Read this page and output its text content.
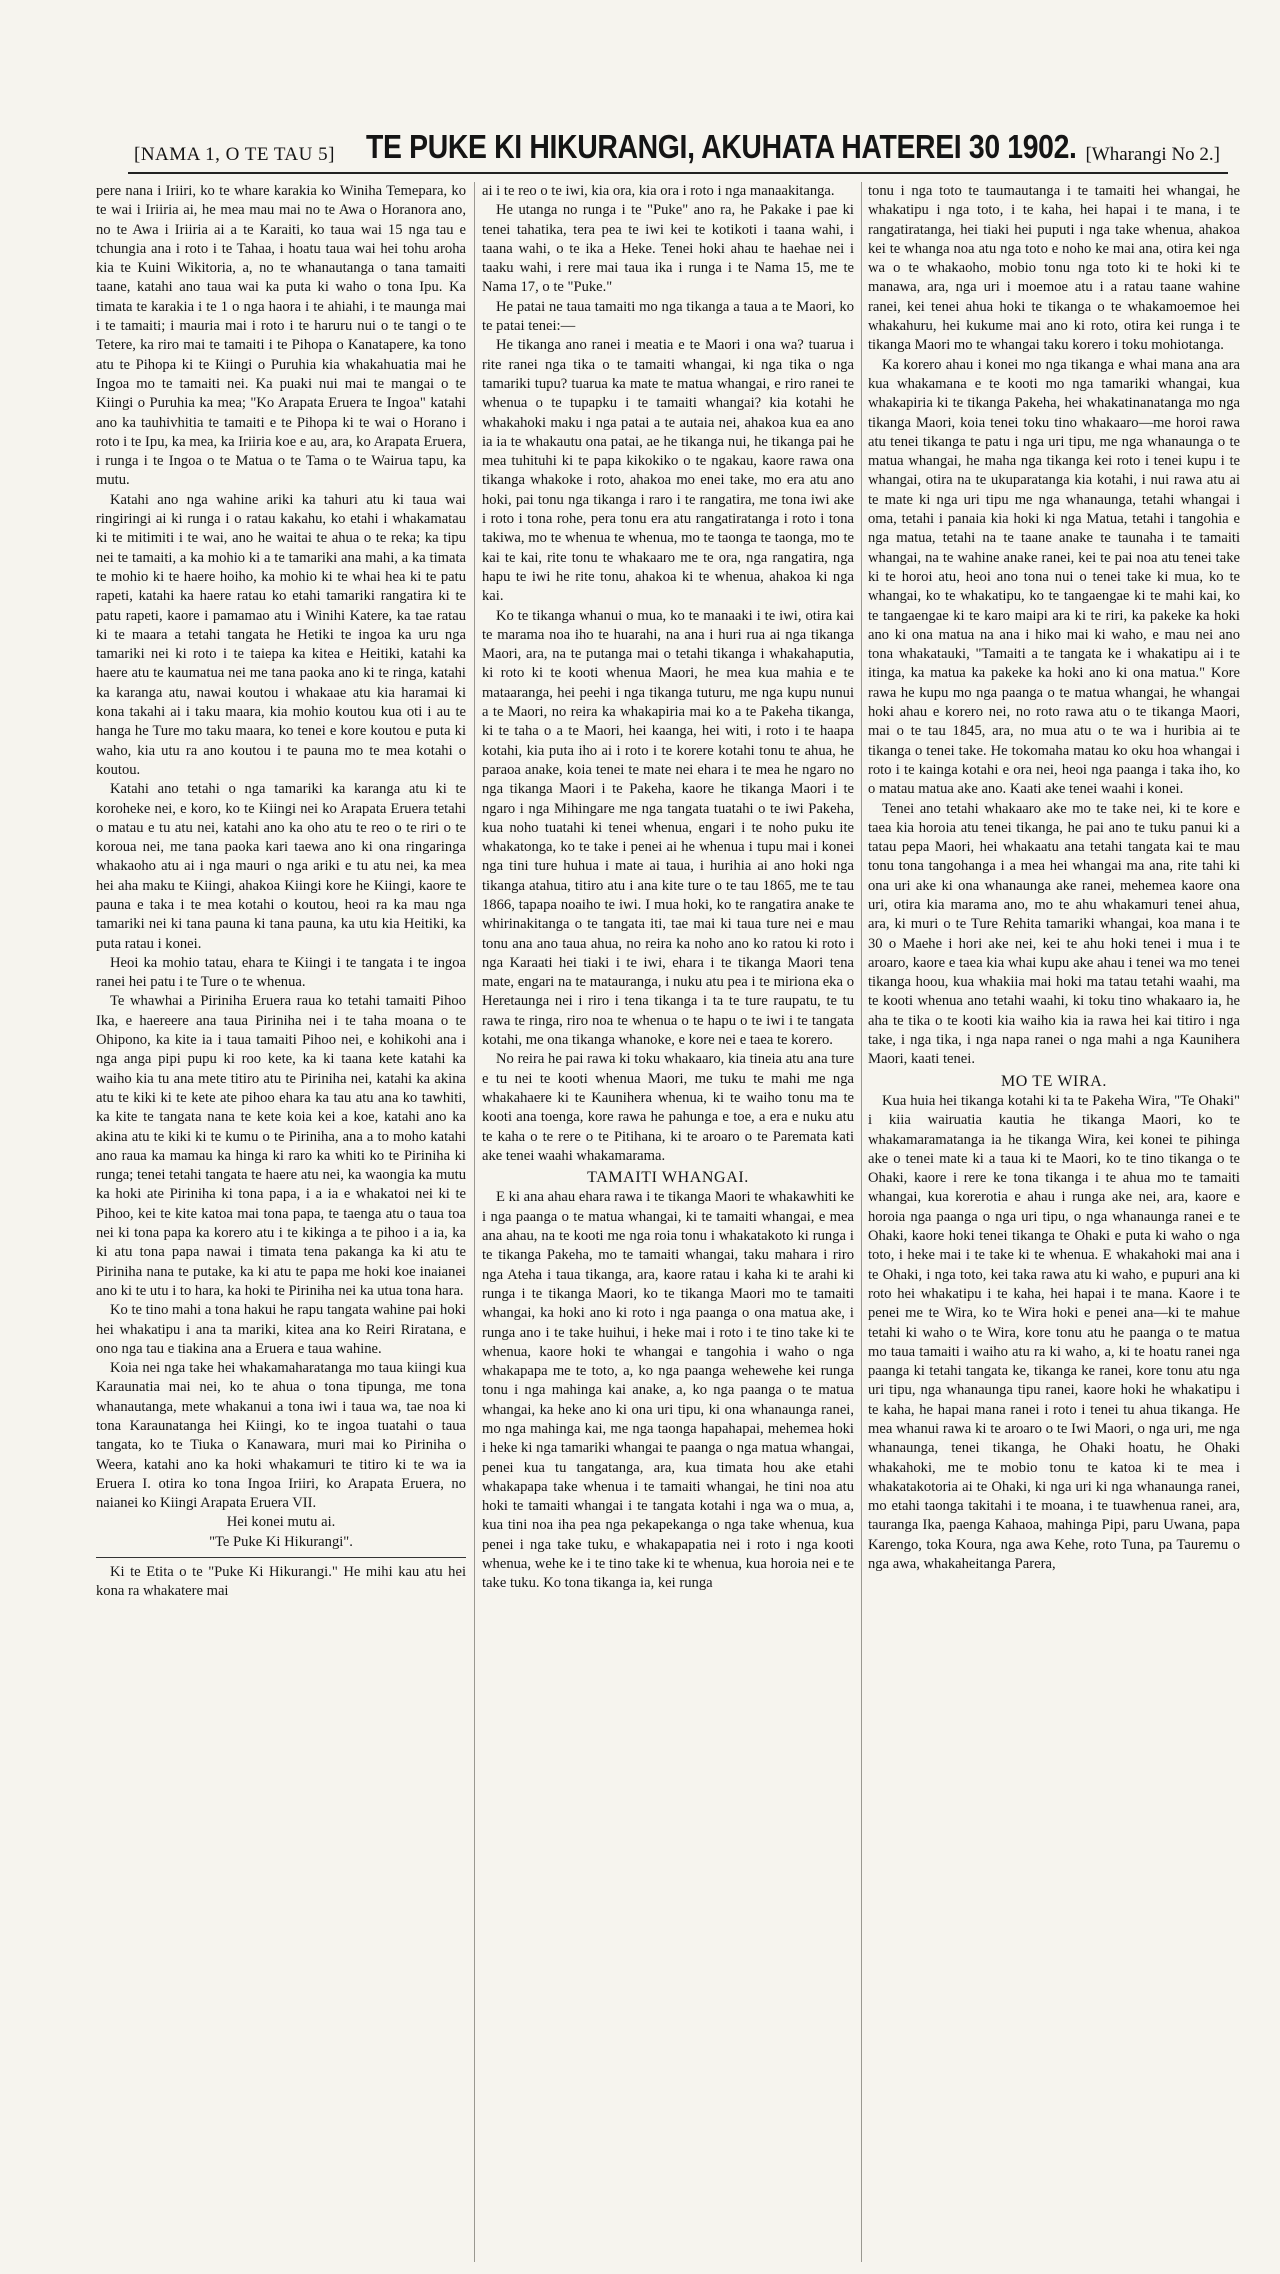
[NAMA 1, O TE TAU 5] TE PUKE KI HIKURANGI, AKUHATA HATEREI 30 1902. [Wharangi No 2.]

pere nana i Iriiri, ko te whare karakia ko Winiha Temepara, ko te wai i Iriiria ai, he mea mau mai no te Awa o Horanora ano, no te Awa i Iriiria ai a te Karaiti, ko taua wai 15 nga tau e tchungia ana i roto i te Tahaa, i hoatu taua wai hei tohu aroha kia te Kuini Wikitoria, a, no te whanautanga o tana tamaiti taane, katahi ano taua wai ka puta ki waho o tona Ipu. Ka timata te karakia i te 1 o nga haora i te ahiahi, i te maunga mai i te tamaiti; i mauria mai i roto i te haruru nui o te tangi o te Tetere, ka riro mai te tamaiti i te Pihopa o Kanatapere, ka tono atu te Pihopa ki te Kiingi o Puruhia kia whakahuatia mai he Ingoa mo te tamaiti nei. Ka puaki nui mai te mangai o te Kiingi o Puruhia ka mea; "Ko Arapata Eruera te Ingoa" katahi ano ka tauhivhitia te tamaiti e te Pihopa ki te wai o Horano i roto i te Ipu, ka mea, ka Iriiria koe e au, ara, ko Arapata Eruera, i runga i te Ingoa o te Matua o te Tama o te Wairua tapu, ka mutu.

Katahi ano nga wahine ariki ka tahuri atu ki taua wai ringiringi ai ki runga i o ratau kakahu, ko etahi i whakamatau ki te mitimiti i te wai, ano he waitai te ahua o te reka; ka tipu nei te tamaiti, a ka mohio ki a te tamariki ana mahi, a ka timata te mohio ki te haere hoiho, ka mohio ki te whai hea ki te patu rapeti, katahi ka haere ratau ko etahi tamariki rangatira ki te patu rapeti, kaore i pamamao atu i Winihi Katere, ka tae ratau ki te maara a tetahi tangata he Hetiki te ingoa ka uru nga tamariki nei ki roto i te taiepa ka kitea e Heitiki, katahi ka haere atu te kaumatua nei me tana paoka ano ki te ringa, katahi ka karanga atu, nawai koutou i whakaae atu kia haramai ki kona takahi ai i taku maara, kia mohio koutou kua oti i au te hanga he Ture mo taku maara, ko tenei e kore koutou e puta ki waho, kia utu ra ano koutou i te pauna mo te mea kotahi o koutou.

Katahi ano tetahi o nga tamariki ka karanga atu ki te koroheke nei, e koro, ko te Kiingi nei ko Arapata Eruera tetahi o matau e tu atu nei, katahi ano ka oho atu te reo o te riri o te koroua nei, me tana paoka kari taewa ano ki ona ringaringa whakaoho atu ai i nga mauri o nga ariki e tu atu nei, ka mea hei aha maku te Kiingi, ahakoa Kiingi kore he Kiingi, kaore te pauna e taka i te mea kotahi o koutou, heoi ra ka mau nga tamariki nei ki tana pauna ki tana pauna, ka utu kia Heitiki, ka puta ratau i konei.

Heoi ka mohio tatau, ehara te Kiingi i te tangata i te ingoa ranei hei patu i te Ture o te whenua.

Te whawhai a Piriniha Eruera raua ko tetahi tamaiti Pihoo Ika, e haereere ana taua Piriniha nei i te taha moana o te Ohipono, ka kite ia i taua tamaiti Pihoo nei, e kohikohi ana i nga anga pipi pupu ki roo kete, ka ki taana kete katahi ka waiho kia tu ana mete titiro atu te Piriniha nei, katahi ka akina atu te kiki ki te kete ate pihoo ehara ka tau atu ana ko tawhiti, ka kite te tangata nana te kete koia kei a koe, katahi ano ka akina atu te kiki ki te kumu o te Piriniha, ana a to moho katahi ano raua ka mamau ka hinga ki raro ka whiti ko te Piriniha ki runga; tenei tetahi tangata te haere atu nei, ka waongia ka mutu ka hoki ate Piriniha ki tona papa, i a ia e whakatoi nei ki te Pihoo, kei te kite katoa mai tona papa, te taenga atu o taua toa nei ki tona papa ka korero atu i te kikinga a te pihoo i a ia, ka ki atu tona papa nawai i timata tena pakanga ka ki atu te Piriniha nana te putake, ka ki atu te papa me hoki koe inaianei ano ki te utu i to hara, ka hoki te Piriniha nei ka utua tona hara.

Ko te tino mahi a tona hakui he rapu tangata wahine pai hoki hei whakatipu i ana ta mariki, kitea ana ko Reiri Riratana, e ono nga tau e tiakina ana a Eruera e taua wahine.

Koia nei nga take hei whakamaharatanga mo taua kiingi kua Karaunatia mai nei, ko te ahua o tona tipunga, me tona whanautanga, mete whakanui a tona iwi i taua wa, tae noa ki tona Karaunatanga hei Kiingi, ko te ingoa tuatahi o taua tangata, ko te Tiuka o Kanawara, muri mai ko Piriniha o Weera, katahi ano ka hoki whakamuri te titiro ki te wa ia Eruera I. otira ko tona Ingoa Iriiri, ko Arapata Eruera, no naianei ko Kiingi Arapata Eruera VII.

Hei konei mutu ai.

"Te Puke Ki Hikurangi".

Ki te Etita o te "Puke Ki Hikurangi." He mihi kau atu hei kona ra whakatere mai

ai i te reo o te iwi, kia ora, kia ora i roto i nga manaakitanga.

He utanga no runga i te "Puke" ano ra, he Pakake i pae ki tenei tahatika, tera pea te iwi kei te kotikoti i taana wahi, i taana wahi, o te ika a Heke. Tenei hoki ahau te haehae nei i taaku wahi, i rere mai taua ika i runga i te Nama 15, me te Nama 17, o te "Puke."

He patai ne taua tamaiti mo nga tikanga a taua a te Maori, ko te patai tenei:—

He tikanga ano ranei i meatia e te Maori i ona wa? tuarua i rite ranei nga tika o te tamaiti whangai, ki nga tika o nga tamariki tupu? tuarua ka mate te matua whangai, e riro ranei te whenua o te tupapku i te tamaiti whangai? kia kotahi he whakahoki maku i nga patai a te autaia nei, ahakoa kua ea ano ia ia te whakautu ona patai, ae he tikanga nui, he tikanga pai he mea tuhituhi ki te papa kikokiko o te ngakau, kaore rawa ona tikanga whakoke i roto, ahakoa mo enei take, mo era atu ano hoki, pai tonu nga tikanga i raro i te rangatira, me tona iwi ake i roto i tona rohe, pera tonu era atu rangatiratanga i roto i tona takiwa, mo te whenua te whenua, mo te taonga te taonga, mo te kai te kai, rite tonu te whakaaro me te ora, nga rangatira, nga hapu te iwi he rite tonu, ahakoa ki te whenua, ahakoa ki nga kai.

Ko te tikanga whanui o mua, ko te manaaki i te iwi, otira kai te marama noa iho te huarahi, na ana i huri rua ai nga tikanga Maori, ara, na te putanga mai o tetahi tikanga i whakahaputia, ki roto ki te kooti whenua Maori, he mea kua mahia e te mataaranga, hei peehi i nga tikanga tuturu, me nga kupu nunui a te Maori, no reira ka whakapiria mai ko a te Pakeha tikanga, ki te taha o a te Maori, hei kaanga, hei witi, i roto i te haapa kotahi, kia puta iho ai i roto i te korere kotahi tonu te ahua, he paraoa anake, koia tenei te mate nei ehara i te mea he ngaro no nga tikanga Maori i te Pakeha, kaore he tikanga Maori i te ngaro i nga Mihingare me nga tangata tuatahi o te iwi Pakeha, kua noho tuatahi ki tenei whenua, engari i te noho puku ite whakatonga, ko te take i penei ai he whenua i tupu mai i konei nga tini ture huhua i mate ai taua, i hurihia ai ano hoki nga tikanga atahua, titiro atu i ana kite ture o te tau 1865, me te tau 1866, tapapa noaiho te iwi. I mua hoki, ko te rangatira anake te whirinakitanga o te tangata iti, tae mai ki taua ture nei e mau tonu ana ano taua ahua, no reira ka noho ano ko ratou ki roto i nga Karaati hei tiaki i te iwi, ehara i te tikanga Maori tena mate, engari na te matauranga, i nuku atu pea i te miriona eka o Heretaunga nei i riro i tena tikanga i ta te ture raupatu, te tu rawa te ringa, riro noa te whenua o te hapu o te iwi i te tangata kotahi, me ona tikanga whanoke, e kore nei e taea te korero.

No reira he pai rawa ki toku whakaaro, kia tineia atu ana ture e tu nei te kooti whenua Maori, me tuku te mahi me nga whakahaere ki te Kaunihera whenua, ki te waiho tonu ma te kooti ana toenga, kore rawa he pahunga e toe, a era e nuku atu te kaha o te rere o te Pitihana, ki te aroaro o te Paremata kati ake tenei waahi whakamarama.

TAMAITI WHANGAI.

E ki ana ahau ehara rawa i te tikanga Maori te whakawhiti ke i nga paanga o te matua whangai, ki te tamaiti whangai, e mea ana ahau, na te kooti me nga roia tonu i whakatakoto ki runga i te tikanga Pakeha, mo te tamaiti whangai, taku mahara i riro nga Ateha i taua tikanga, ara, kaore ratau i kaha ki te arahi ki runga i te tikanga Maori, ko te tikanga Maori mo te tamaiti whangai, ka hoki ano ki roto i nga paanga o ona matua ake, i runga ano i te take huihui, i heke mai i roto i te tino take ki te whenua, kaore hoki te whangai e tangohia i waho o nga whakapapa me te toto, a, ko nga paanga wehewehe kei runga tonu i nga mahinga kai anake, a, ko nga paanga o te matua whangai, ka heke ano ki ona uri tipu, ki ona whanaunga ranei, mo nga mahinga kai, me nga taonga hapahapai, mehemea hoki i heke ki nga tamariki whangai te paanga o nga matua whangai, penei kua tu tangatanga, ara, kua timata hou ake etahi whakapapa take whenua i te tamaiti whangai, he tini noa atu hoki te tamaiti whangai i te tangata kotahi i nga wa o mua, a, kua tini noa iha pea nga pekapekanga o nga take whenua, kua penei i nga take tuku, e whakapapatia nei i roto i nga kooti whenua, wehe ke i te tino take ki te whenua, kua horoia nei e te take tuku. Ko tona tikanga ia, kei runga

tonu i nga toto te taumautanga i te tamaiti hei whangai, he whakatipu i nga toto, i te kaha, hei hapai i te mana, i te rangatiratanga, hei tiaki hei puputi i nga take whenua, ahakoa kei te whanga noa atu nga toto e noho ke mai ana, otira kei nga wa o te whakaoho, mobio tonu nga toto ki te hoki ki te manawa, ara, nga uri i moemoe atu i a ratau taane wahine ranei, kei tenei ahua hoki te tikanga o te whakamoemoe hei whakahuru, hei kukume mai ano ki roto, otira kei runga i te tikanga Maori mo te whangai taku korero i toku mohiotanga.

Ka korero ahau i konei mo nga tikanga e whai mana ana ara kua whakamana e te kooti mo nga tamariki whangai, kua whakapiria ki te tikanga Pakeha, hei whakatinanatanga mo nga tikanga Maori, koia tenei toku tino whakaaro—me horoi rawa atu tenei tikanga te patu i nga uri tipu, me nga whanaunga o te matua whangai, he maha nga tikanga kei roto i tenei kupu i te whangai, otira na te ukuparatanga kia kotahi, i nui rawa atu ai te mate ki nga uri tipu me nga whanaunga, tetahi whangai i oma, tetahi i panaia kia hoki ki nga Matua, tetahi i tangohia e nga matua, tetahi na te taane anake te taunaha i te tamaiti whangai, na te wahine anake ranei, kei te pai noa atu tenei take ki te horoi atu, heoi ano tona nui o tenei take ki mua, ko te whangai, ko te whakatipu, ko te tangaengae ki te mahi kai, ko te tangaengae ki te karo maipi ara ki te riri, ka pakeke ka hoki ano ki ona matua na ana i hiko mai ki waho, e mau nei ano tona whakatauki, "Tamaiti a te tangata ke i whakatipu ai i te itinga, ka matua ka pakeke ka hoki ano ki ona matua." Kore rawa he kupu mo nga paanga o te matua whangai, he whangai hoki ahau e korero nei, no roto rawa atu o te tikanga Maori, mai o te tau 1845, ara, no mua atu o te wa i huribia ai te tikanga o tenei take. He tokomaha matau ko oku hoa whangai i roto i te kainga kotahi e ora nei, heoi nga paanga i taka iho, ko o matau matua ake ano. Kaati ake tenei waahi i konei.

Tenei ano tetahi whakaaro ake mo te take nei, ki te kore e taea kia horoia atu tenei tikanga, he pai ano te tuku panui ki a tatau pepa Maori, hei whakaatu ana tetahi tangata kai te mau tonu tona tangohanga i a mea hei whangai ma ana, rite tahi ki ona uri ake ki ona whanaunga ake ranei, mehemea kaore ona uri, otira kia marama ano, mo te ahu whakamuri tenei ahua, ara, ki muri o te Ture Rehita tamariki whangai, koa mana i te 30 o Maehe i hori ake nei, kei te ahu hoki tenei i mua i te aroaro, kaore e taea kia whai kupu ake ahau i tenei wa mo tenei tikanga hoou, kua whakiia mai hoki ma tatau tetahi waahi, ma te kooti whenua ano tetahi waahi, ki toku tino whakaaro ia, he aha te tika o te kooti kia waiho kia ia rawa hei kai titiro i nga take, i nga tika, i nga napa ranei o nga mahi a nga Kaunihera Maori, kaati tenei.

MO TE WIRA.

Kua huia hei tikanga kotahi ki ta te Pakeha Wira, "Te Ohaki" i kiia wairuatia kautia he tikanga Maori, ko te whakamaramatanga ia he tikanga Wira, kei konei te pihinga ake o tenei mate ki a taua ki te Maori, ko te tino tikanga o te Ohaki, kaore i rere ke tona tikanga i te ahua mo te tamaiti whangai, kua korerotia e ahau i runga ake nei, ara, kaore e horoia nga paanga o nga uri tipu, o nga whanaunga ranei e te Ohaki, kaore hoki tenei tikanga te Ohaki e puta ki waho o nga toto, i heke mai i te take ki te whenua. E whakahoki mai ana i te Ohaki, i nga toto, kei taka rawa atu ki waho, e pupuri ana ki roto hei whakatipu i te kaha, hei hapai i te mana. Kaore i te penei me te Wira, ko te Wira hoki e penei ana—ki te mahue tetahi ki waho o te Wira, kore tonu atu he paanga o te matua mo taua tamaiti i waiho atu ra ki waho, a, ki te hoatu ranei nga paanga ki tetahi tangata ke, tikanga ke ranei, kore tonu atu nga uri tipu, nga whanaunga tipu ranei, kaore hoki he whakatipu i te kaha, he hapai mana ranei i roto i tenei tu ahua tikanga. He mea whanui rawa ki te aroaro o te Iwi Maori, o nga uri, me nga whanaunga, tenei tikanga, he Ohaki hoatu, he Ohaki whakahoki, me te mobio tonu te katoa ki te mea i whakatakotoria ai te Ohaki, ki nga uri ki nga whanaunga ranei, mo etahi taonga takitahi i te moana, i te tuawhenua ranei, ara, tauranga Ika, paenga Kahaoa, mahinga Pipi, paru Uwana, papa Karengo, toka Koura, nga awa Kehe, roto Tuna, pa Tauremu o nga awa, whakaheitanga Parera,
